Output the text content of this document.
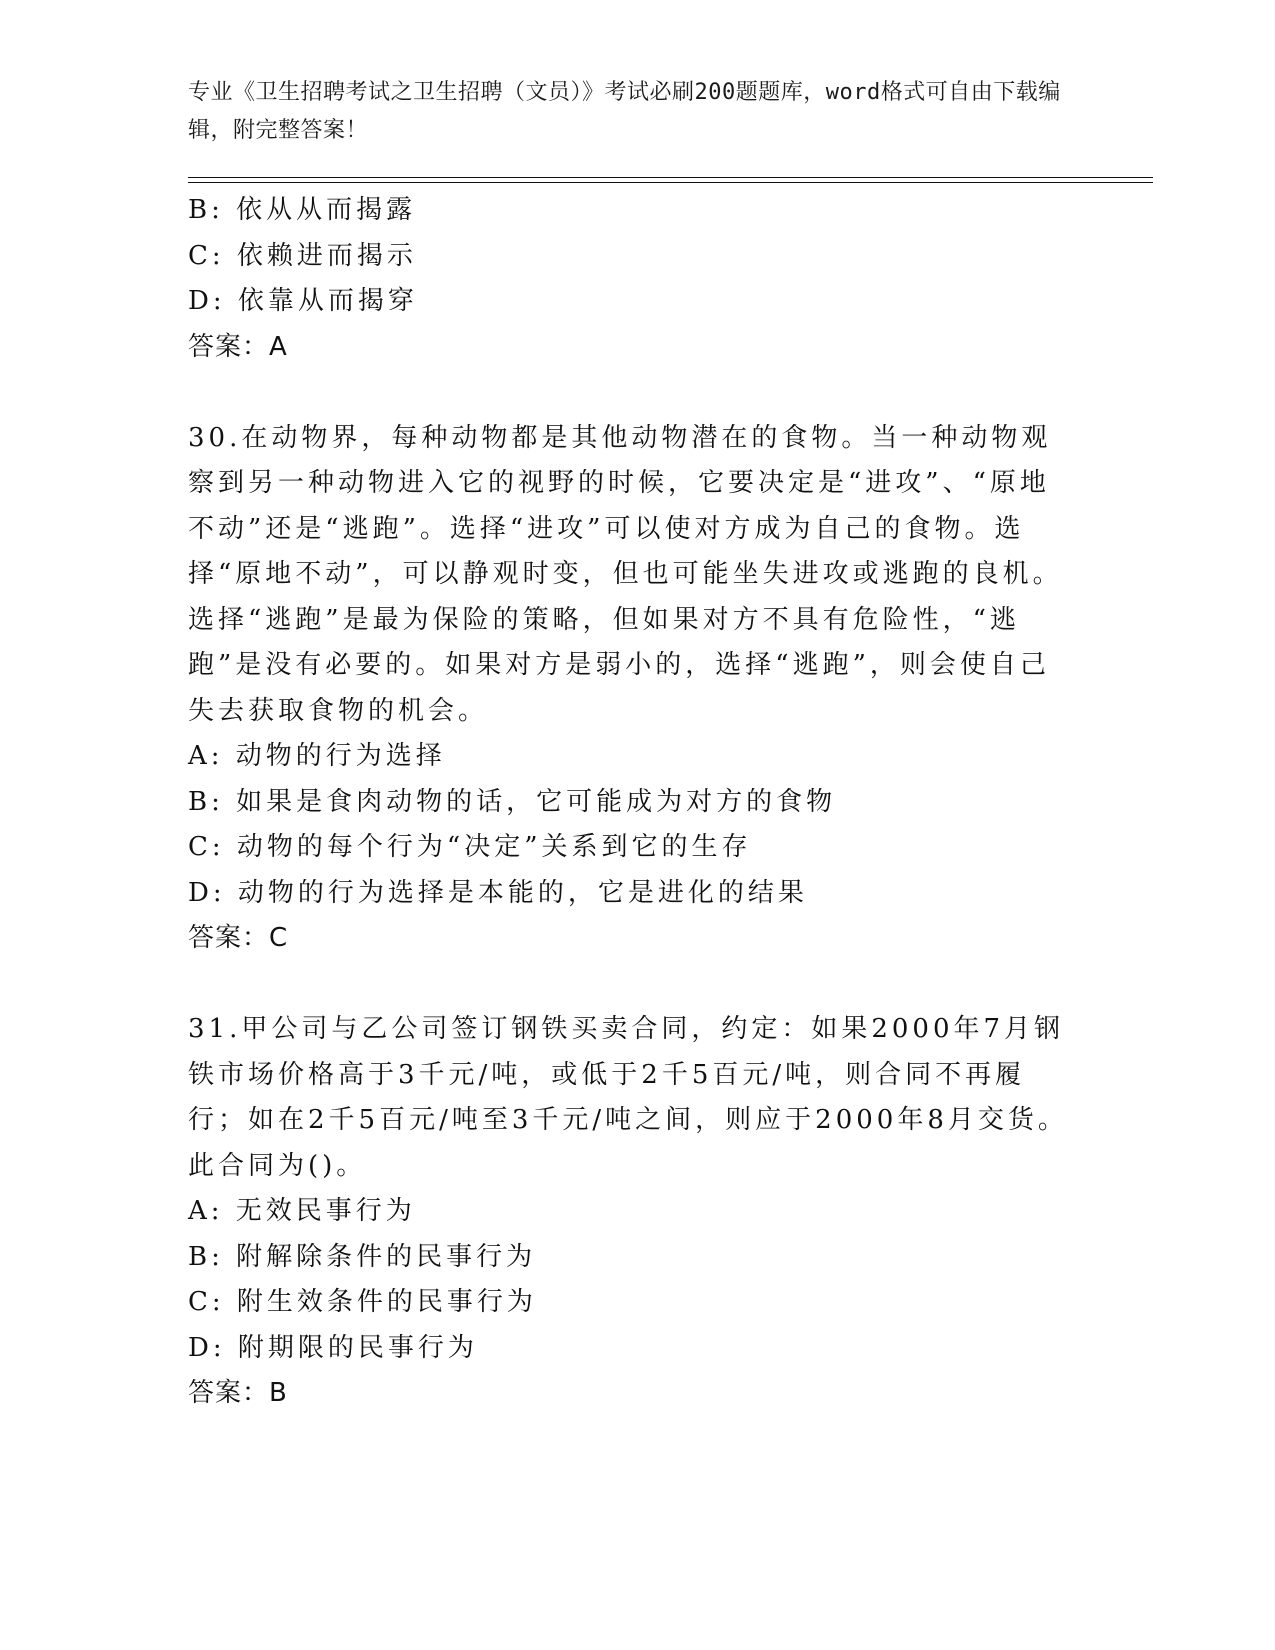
专业《卫生招聘考试之卫生招聘（文员）》考试必刷200题题库，word格式可自由下载编辑，附完整答案！

B: 依从从而揭露

C: 依赖进而揭示

D: 依靠从而揭穿

答案：A

30.在动物界，每种动物都是其他动物潜在的食物。当一种动物观察到另一种动物进入它的视野的时候，它要决定是“进攻”、“原地不动”还是“逃跑”。选择“进攻”可以使对方成为自己的食物。选择“原地不动”，可以静观时变，但也可能坐失进攻或逃跑的良机。选择“逃跑”是最为保险的策略，但如果对方不具有危险性，“逃跑”是没有必要的。如果对方是弱小的，选择“逃跑”，则会使自己失去获取食物的机会。

A: 动物的行为选择

B: 如果是食肉动物的话，它可能成为对方的食物

C: 动物的每个行为“决定”关系到它的生存

D: 动物的行为选择是本能的，它是进化的结果

答案：C

31.甲公司与乙公司签订钢铁买卖合同，约定：如果2000年7月钢铁市场价格高于3千元/吨，或低于2千5百元/吨，则合同不再履行；如在2千5百元/吨至3千元/吨之间，则应于2000年8月交货。此合同为()。

A: 无效民事行为

B: 附解除条件的民事行为

C: 附生效条件的民事行为

D: 附期限的民事行为

答案：B
